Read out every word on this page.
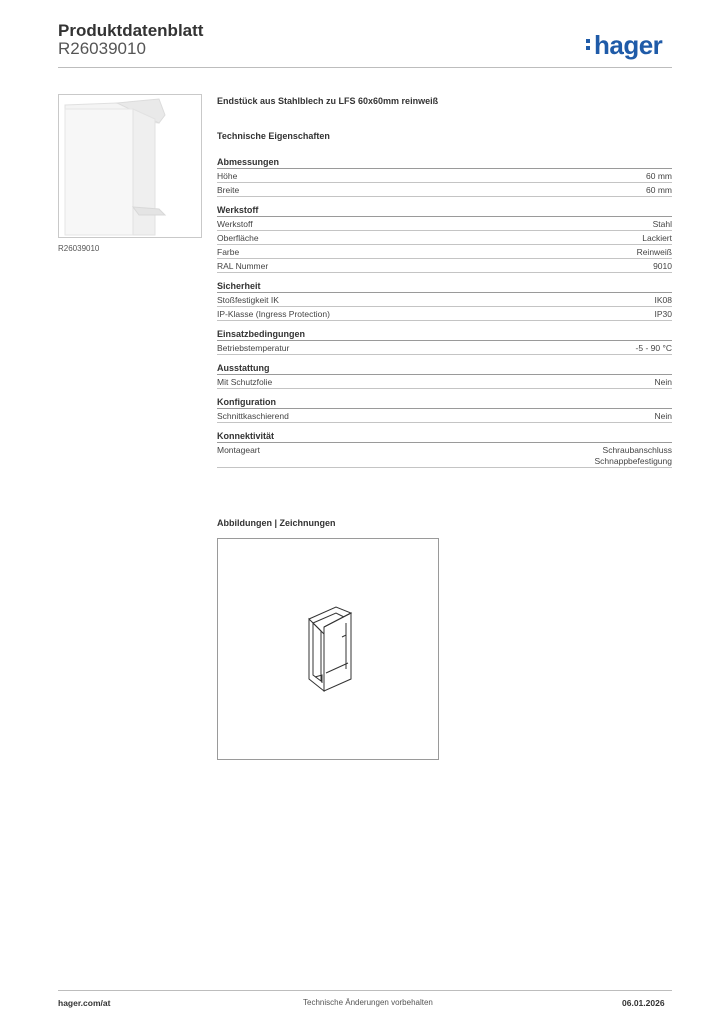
Produktdatenblatt
R26039010	hager
R26039010
Endstück aus Stahlblech zu LFS 60x60mm reinweiß
Technische Eigenschaften
Abmessungen
Höhe	60 mm
Breite	60 mm
Werkstoff
Werkstoff	Stahl
Oberfläche	Lackiert
Farbe	Reinweiß
RAL Nummer	9010
Sicherheit
Stoßfestigkeit IK	IK08
IP-Klasse (Ingress Protection)	IP30
Einsatzbedingungen
Betriebstemperatur	-5 - 90 °C
Ausstattung
Mit Schutzfolie	Nein
Konfiguration
Schnittkaschierend	Nein
Konnektivität
Montageart	Schraubanschluss
Schnappbefestigung
Abbildungen | Zeichnungen
hager.com/at	Technische Änderungen vorbehalten	06.01.2026
